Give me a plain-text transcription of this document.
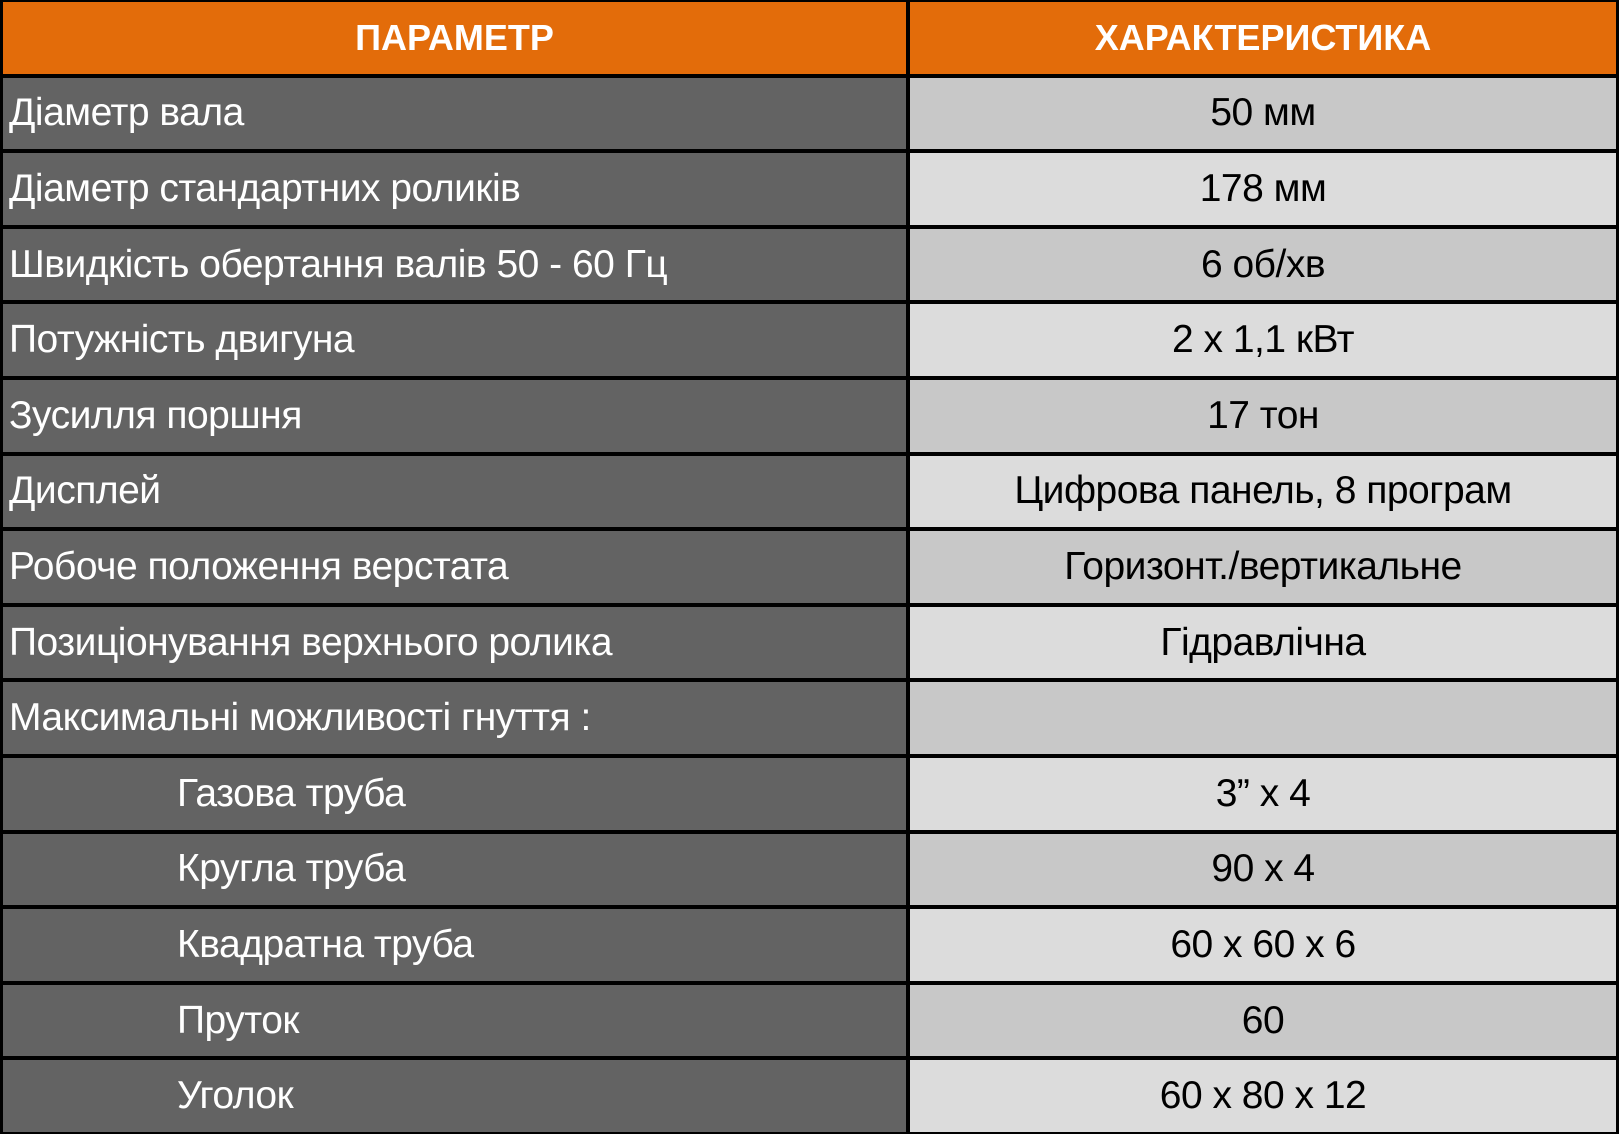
ПАРАМЕТР	ХАРАКТЕРИСТИКА
Діаметр вала	50 мм
Діаметр стандартних роликів	178 мм
Швидкість обертання валів 50 - 60 Гц	6 об/хв
Потужність двигуна	2 х 1,1 кВт
Зусилля поршня	17 тон
Дисплей	Цифрова панель, 8 програм
Робоче положення верстата	Горизонт./вертикальне
Позиціонування верхнього ролика	Гідравлічна
Максимальні можливості гнуття :
Газова труба	3” х 4
Кругла труба	90 х 4
Квадратна труба	60 х 60 х 6
Пруток	60
Уголок	60 х 80 х 12
